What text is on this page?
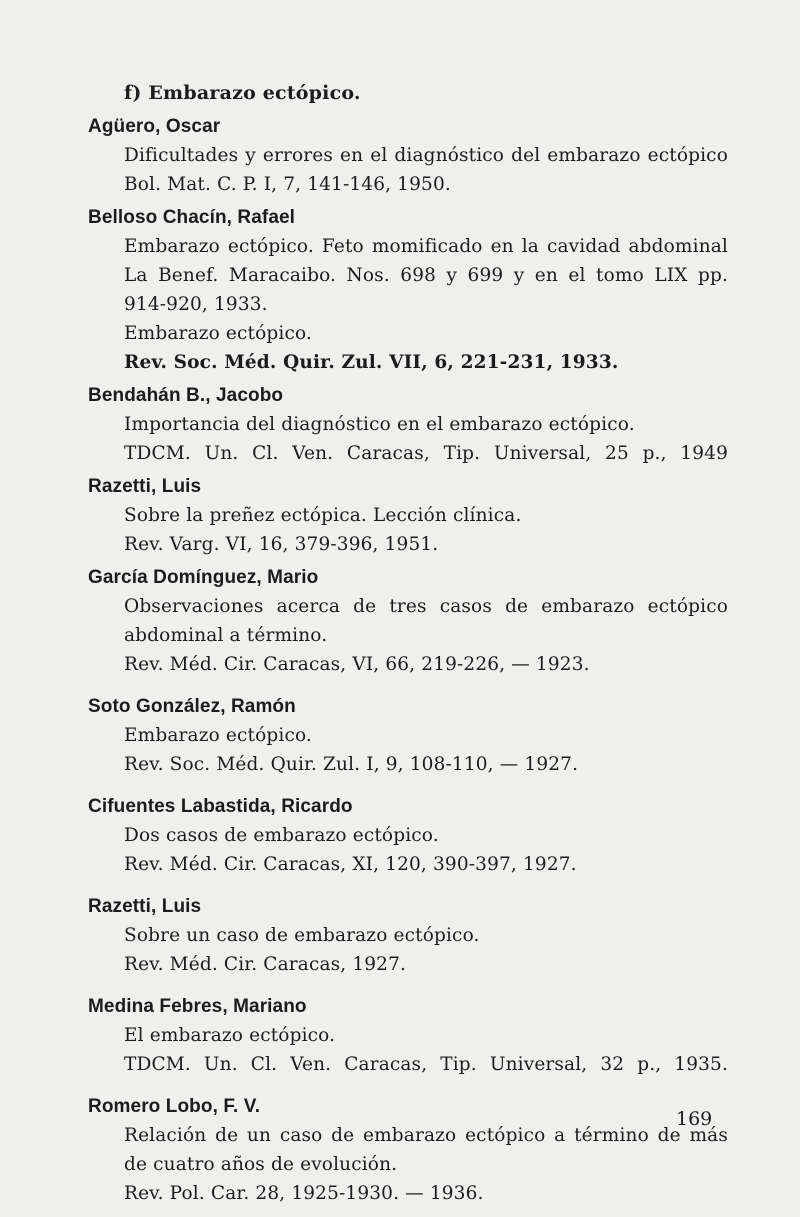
f) Embarazo ectópico.
Agüero, Oscar
Dificultades y errores en el diagnóstico del embarazo ectópico
Bol. Mat. C. P. I, 7, 141-146, 1950.
Belloso Chacín, Rafael
Embarazo ectópico. Feto momificado en la cavidad abdominal
La Benef. Maracaibo. Nos. 698 y 699 y en el tomo LIX pp.
914-920, 1933.
Embarazo ectópico.
Rev. Soc. Méd. Quir. Zul. VII, 6, 221-231, 1933.
Bendahán B., Jacobo
Importancia del diagnóstico en el embarazo ectópico.
TDCM. Un. Cl. Ven. Caracas, Tip. Universal, 25 p., 1949
Razetti, Luis
Sobre la preñez ectópica. Lección clínica.
Rev. Varg. VI, 16, 379-396, 1951.
García Domínguez, Mario
Observaciones acerca de tres casos de embarazo ectópico
abdominal a término.
Rev. Méd. Cir. Caracas, VI, 66, 219-226, — 1923.
Soto González, Ramón
Embarazo ectópico.
Rev. Soc. Méd. Quir. Zul. I, 9, 108-110, — 1927.
Cifuentes Labastida, Ricardo
Dos casos de embarazo ectópico.
Rev. Méd. Cir. Caracas, XI, 120, 390-397, 1927.
Razetti, Luis
Sobre un caso de embarazo ectópico.
Rev. Méd. Cir. Caracas, 1927.
Medina Febres, Mariano
El embarazo ectópico.
TDCM. Un. Cl. Ven. Caracas, Tip. Universal, 32 p., 1935.
Romero Lobo, F. V.
Relación de un caso de embarazo ectópico a término de más
de cuatro años de evolución.
Rev. Pol. Car. 28, 1925-1930. — 1936.
169
